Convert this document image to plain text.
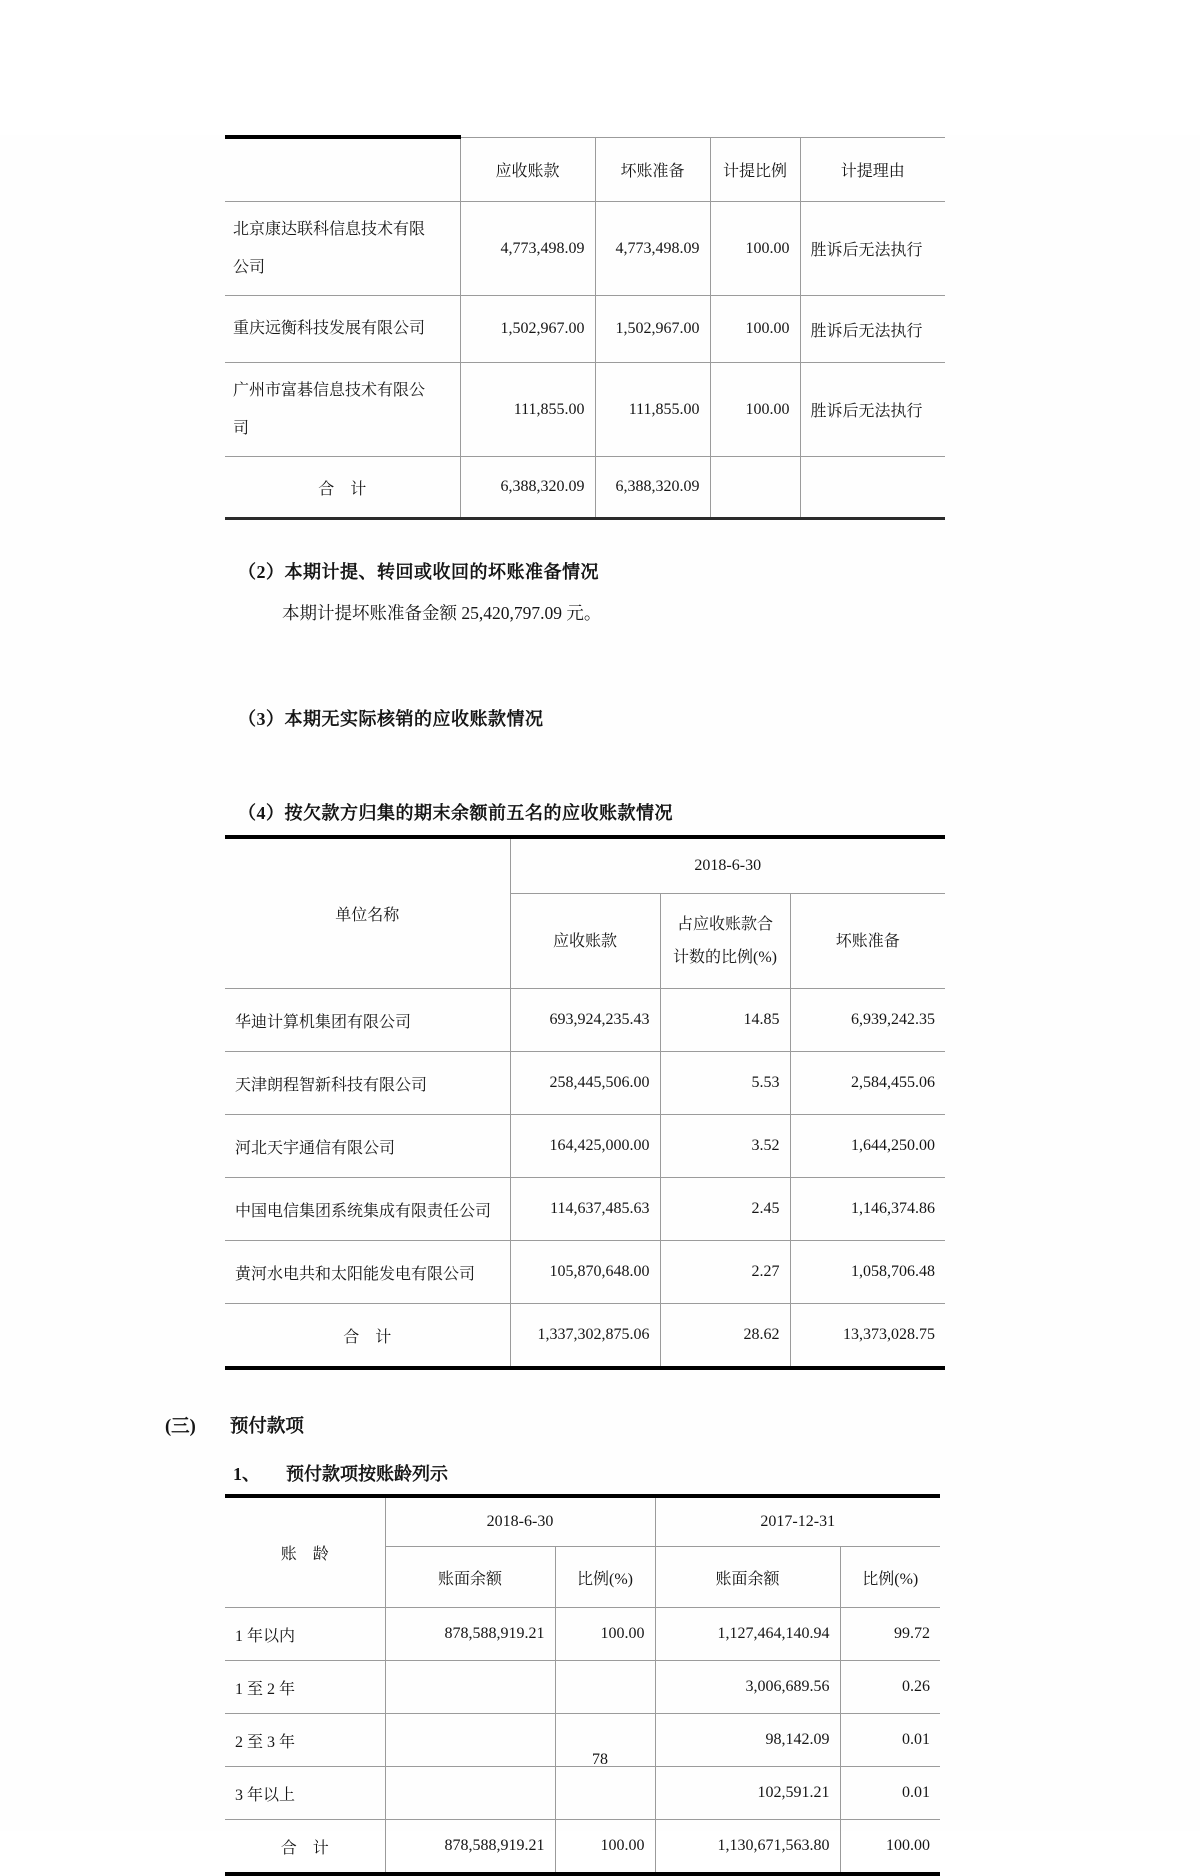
	应收账款	坏账准备	计提比例	计提理由
北京康达联科信息技术有限公司	4,773,498.09	4,773,498.09	100.00	胜诉后无法执行
重庆远衡科技发展有限公司	1,502,967.00	1,502,967.00	100.00	胜诉后无法执行
广州市富碁信息技术有限公司	111,855.00	111,855.00	100.00	胜诉后无法执行
合　计	6,388,320.09	6,388,320.09		
（2）本期计提、转回或收回的坏账准备情况
本期计提坏账准备金额 25,420,797.09 元。
（3）本期无实际核销的应收账款情况
（4）按欠款方归集的期末余额前五名的应收账款情况
单位名称	2018-6-30		
	应收账款	占应收账款合计数的比例(%)	坏账准备
华迪计算机集团有限公司	693,924,235.43	14.85	6,939,242.35
天津朗程智新科技有限公司	258,445,506.00	5.53	2,584,455.06
河北天宇通信有限公司	164,425,000.00	3.52	1,644,250.00
中国电信集团系统集成有限责任公司	114,637,485.63	2.45	1,146,374.86
黄河水电共和太阳能发电有限公司	105,870,648.00	2.27	1,058,706.48
合　计	1,337,302,875.06	28.62	13,373,028.75
(三) 预付款项
1、 预付款项按账龄列示
账　龄	2018-6-30		2017-12-31	
	账面余额	比例(%)	账面余额	比例(%)
1 年以内	878,588,919.21	100.00	1,127,464,140.94	99.72
1 至 2 年			3,006,689.56	0.26
2 至 3 年			98,142.09	0.01
3 年以上			102,591.21	0.01
合　计	878,588,919.21	100.00	1,130,671,563.80	100.00
78
